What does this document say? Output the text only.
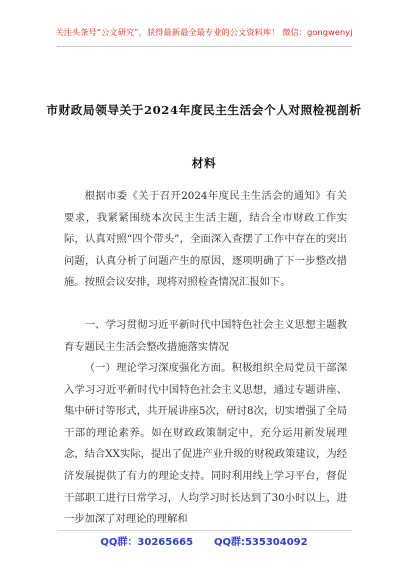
关注头条号“公文研究”，获得最新最全最专业的公文资料库！ 微信：gongwenyj
市财政局领导关于2024年度民主生活会个人对照检视剖析
材料

根据市委《关于召开2024年度民主生活会的通知》有关要求，我紧紧围绕本次民主生活主题，结合全市财政工作实际，认真对照“四个带头”，全面深入查摆了工作中存在的突出问题，认真分析了问题产生的原因，逐项明确了下一步整改措施。按照会议安排，现将对照检查情况汇报如下。

一、学习贯彻习近平新时代中国特色社会主义思想主题教育专题民主生活会整改措施落实情况

（一）理论学习深度强化方面。积极组织全局党员干部深入学习习近平新时代中国特色社会主义思想，通过专题讲座、集中研讨等形式，共开展讲座5次，研讨8次，切实增强了全局干部的理论素养。如在财政政策制定中，充分运用新发展理念，结合XX实际，提出了促进产业升级的财税政策建议，为经济发展提供了有力的理论支持。同时利用线上学习平台，督促干部职工进行日常学习，人均学习时长达到了30小时以上，进一步加深了对理论的理解和

QQ群：30265665 QQ群:535304092
